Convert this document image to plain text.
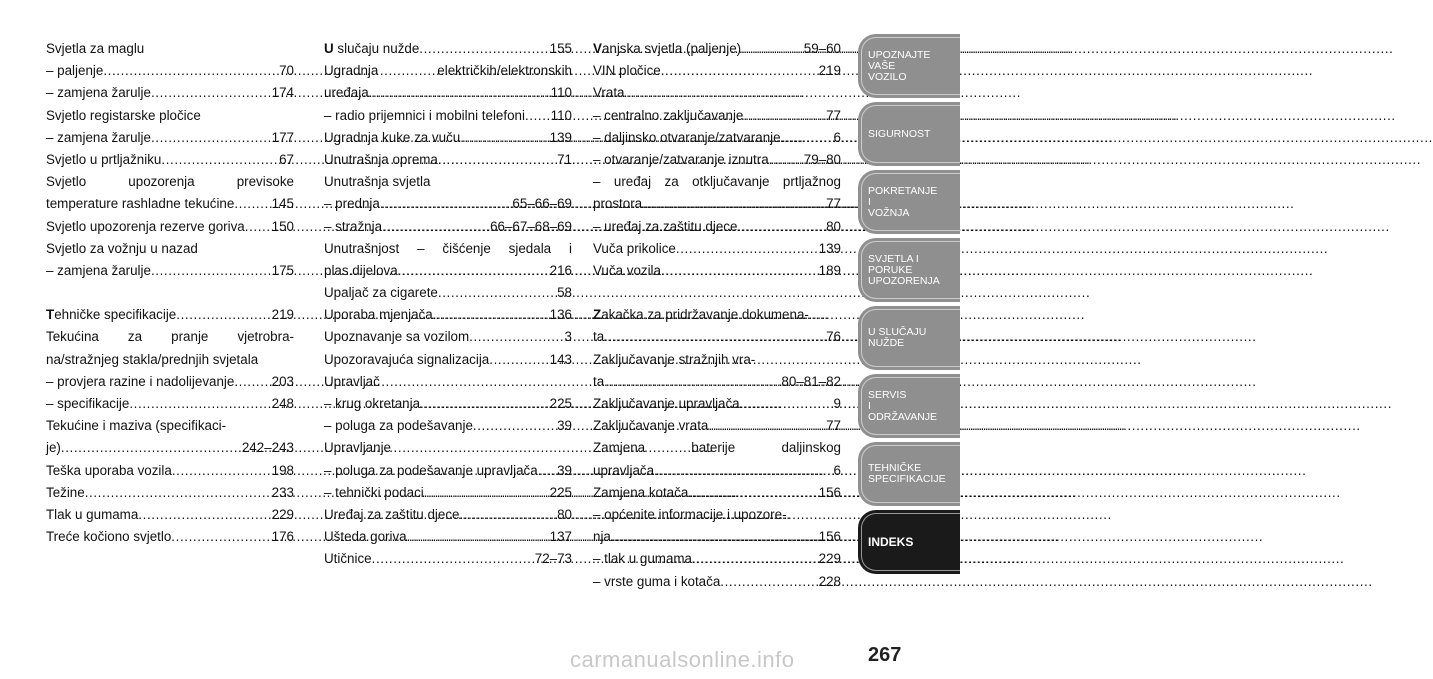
Svjetla za maglu
– paljenje .....	70
– zamjena žarulje .....	174
Svjetlo registarske pločice
– zamjena žarulje .....	177
Svjetlo u prtljažniku .....	67
Svjetlo upozorenja previsoke
temperature rashladne tekućine .....	145
Svjetlo upozorenja rezerve goriva ..... 150
Svjetlo za vožnju u nazad
– zamjena žarulje .....	175
Tehničke specifikacije .....	219
Tekućina za pranje vjetrobra-
na/stražnjeg stakla/prednjih svjetala
– provjera razine i nadolijevanje .....	203
– specifikacije .....	248
Tekućine i maziva (specifikaci-
je) .....	242–243
Teška uporaba vozila .....	198
Težine .....	233
Tlak u gumama .....	229
Treće kočiono svjetlo .....	176
U slučaju nužde .....	155
Ugradnja električkih/elektronskih
uređaja .....	110
– radio prijemnici i mobilni telefoni ..... 110
Ugradnja kuke za vuču .....	139
Unutrašnja oprema .....	71
Unutrašnja svjetla
– prednja .....	65–66–69
– stražnja .....	66–67–68–69
Unutrašnjost – čišćenje sjedala i
plas.dijelova .....	216
Upaljač za cigarete .....	58
Uporaba mjenjača .....	136
Upoznavanje sa vozilom .....	3
Upozoravajuća signalizacija .....	143
Upravljač
– krug okretanja .....	225
– poluga za podešavanje .....	39
Upravljanje
– poluga za podešavanje upravljača ..... 39
– tehnički podaci .....	225
Uređaj za zaštitu djece .....	80
Ušteda goriva .....	137
Utičnice .....	72–73
Vanjska svjetla (paljenje) .....	59–60
VIN pločice .....	219
Vrata
– centralno zaključavanje .....	77
– daljinsko otvaranje/zatvaranje .....	6
– otvaranje/zatvaranje iznutra .....	79–80
– uređaj za otključavanje prtljažnog
prostora .....	77
– uređaj za zaštitu djece .....	80
Vuča prikolice .....	139
Vuča vozila .....	189
Zakačka za pridržavanje dokumena-
ta .....	76
Zaključavanje stražnjih vra-
ta .....	80–81–82
Zaključavanje upravljača .....	9
Zaključavanje vrata .....	77
Zamjena baterije daljinskog
upravljača .....	6
Zamjena kotača .....	156
– općenite informacije i upozore-
nja .....	156
– tlak u gumama .....	229
– vrste guma i kotača .....	228
UPOZNAJTE
VAŠE
VOZILO
SIGURNOST
POKRETANJE
I
VOŽNJA
SVJETLA I
PORUKE
UPOZORENJA
U SLUČAJU
NUŽDE
SERVIS
I
ODRŽAVANJE
TEHNIČKE
SPECIFIKACIJE
INDEKS
carmanualsonline.info	267
